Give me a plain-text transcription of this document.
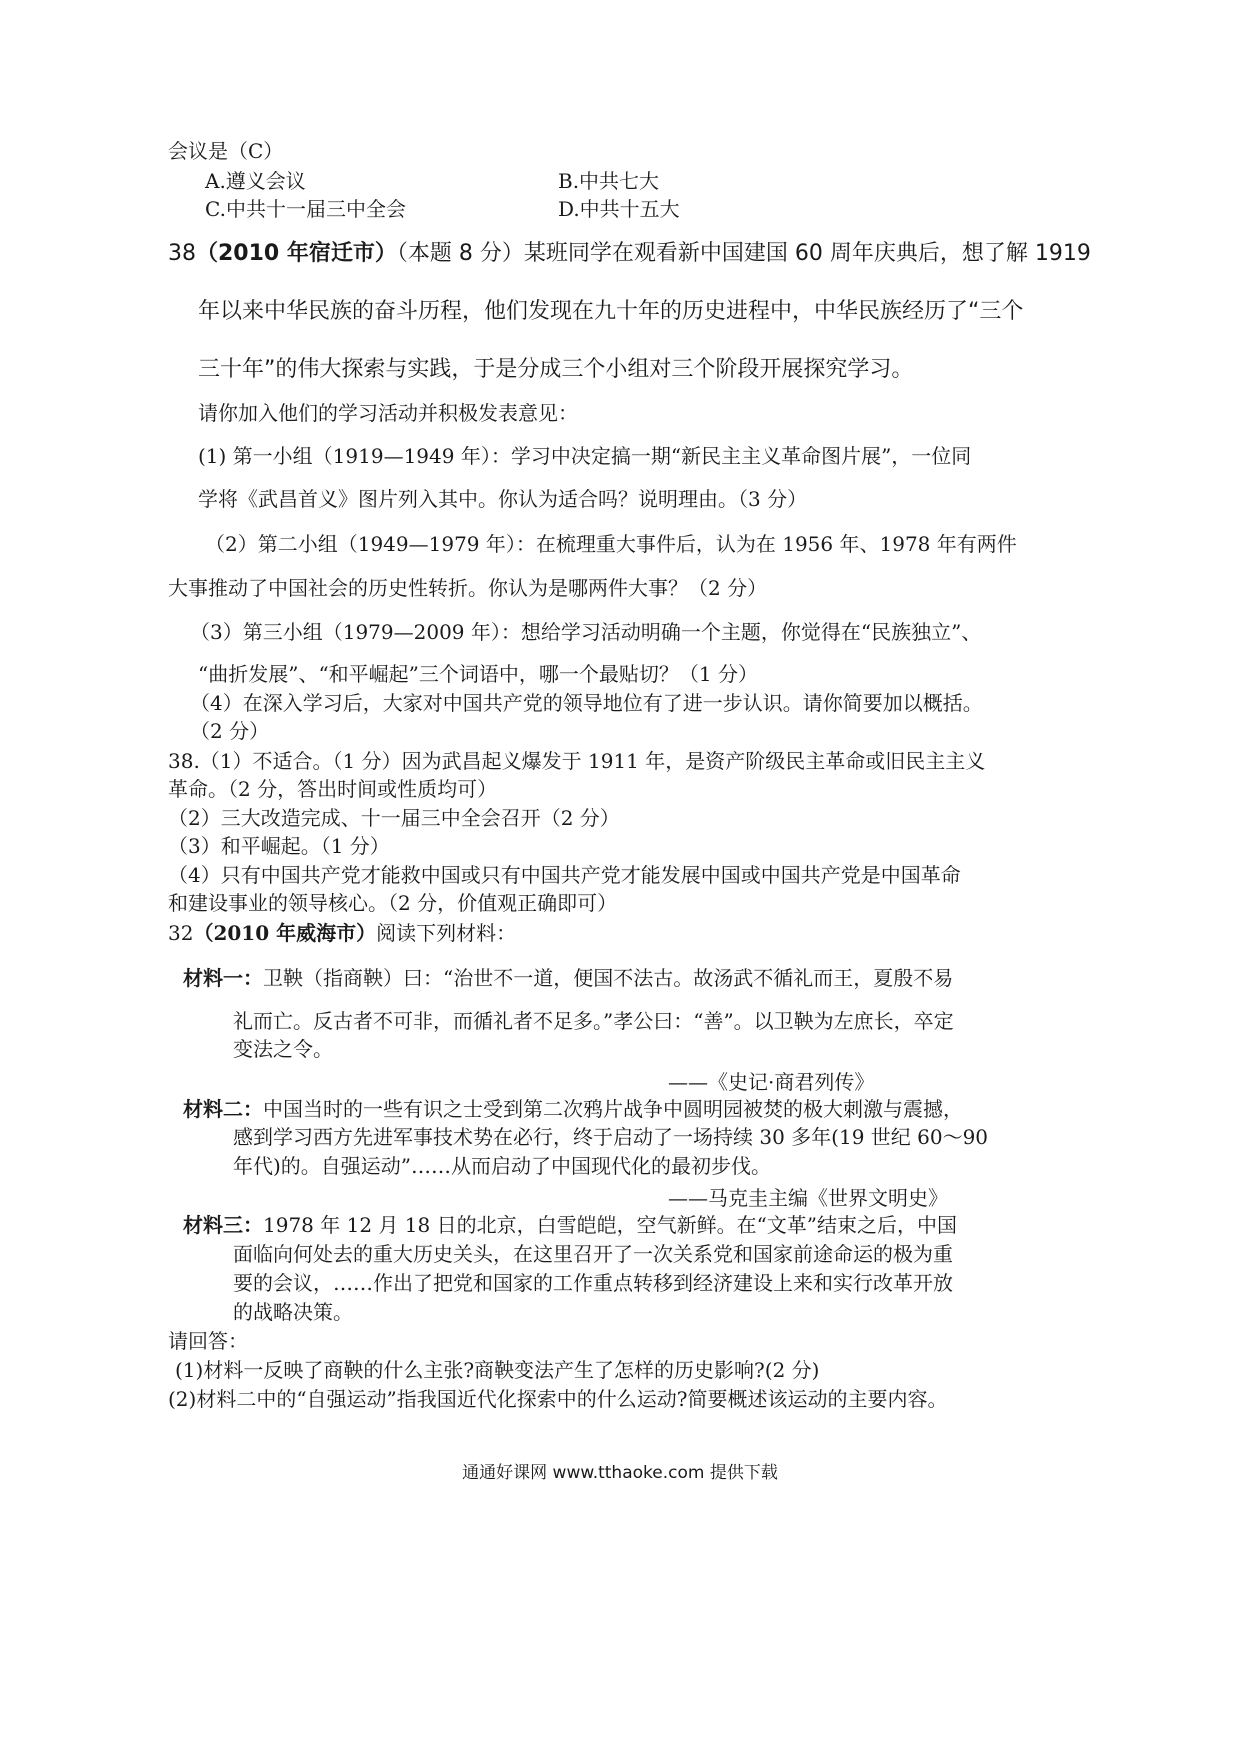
会议是（C）
A.遵义会议	B.中共七大
C.中共十一届三中全会	D.中共十五大
38（2010 年宿迁市）（本题 8 分）某班同学在观看新中国建国 60 周年庆典后，想了解 1919
年以来中华民族的奋斗历程，他们发现在九十年的历史进程中，中华民族经历了“三个
三十年”的伟大探索与实践，于是分成三个小组对三个阶段开展探究学习。
请你加入他们的学习活动并积极发表意见：
(1) 第一小组（1919—1949 年）：学习中决定搞一期“新民主主义革命图片展”，一位同
学将《武昌首义》图片列入其中。你认为适合吗？说明理由。（3 分）
（2）第二小组（1949—1979 年）：在梳理重大事件后，认为在 1956 年、1978 年有两件
大事推动了中国社会的历史性转折。你认为是哪两件大事？（2 分）
（3）第三小组（1979—2009 年）：想给学习活动明确一个主题，你觉得在“民族独立”、
“曲折发展”、“和平崛起”三个词语中，哪一个最贴切？（1 分）
（4）在深入学习后，大家对中国共产党的领导地位有了进一步认识。请你简要加以概括。
（2 分）
38.（1）不适合。（1 分）因为武昌起义爆发于 1911 年，是资产阶级民主革命或旧民主主义
革命。（2 分，答出时间或性质均可）
（2）三大改造完成、十一届三中全会召开（2 分）
（3）和平崛起。（1 分）
（4）只有中国共产党才能救中国或只有中国共产党才能发展中国或中国共产党是中国革命
和建设事业的领导核心。（2 分，价值观正确即可）
32（2010 年威海市）阅读下列材料：
材料一：卫鞅（指商鞅）曰：“治世不一道，便国不法古。故汤武不循礼而王，夏殷不易
礼而亡。反古者不可非，而循礼者不足多。”孝公曰：“善”。以卫鞅为左庶长，卒定
变法之令。
——《史记·商君列传》
材料二：中国当时的一些有识之士受到第二次鸦片战争中圆明园被焚的极大刺激与震撼，
感到学习西方先进军事技术势在必行，终于启动了一场持续 30 多年(19 世纪 60～90
年代)的。自强运动”……从而启动了中国现代化的最初步伐。
——马克圭主编《世界文明史》
材料三：1978 年 12 月 18 日的北京，白雪皑皑，空气新鲜。在“文革”结束之后，中国
面临向何处去的重大历史关头，在这里召开了一次关系党和国家前途命运的极为重
要的会议，……作出了把党和国家的工作重点转移到经济建设上来和实行改革开放
的战略决策。
请回答：
(1)材料一反映了商鞅的什么主张?商鞅变法产生了怎样的历史影响?(2 分)
(2)材料二中的“自强运动”指我国近代化探索中的什么运动?简要概述该运动的主要内容。
通通好课网 www.tthaoke.com 提供下载
